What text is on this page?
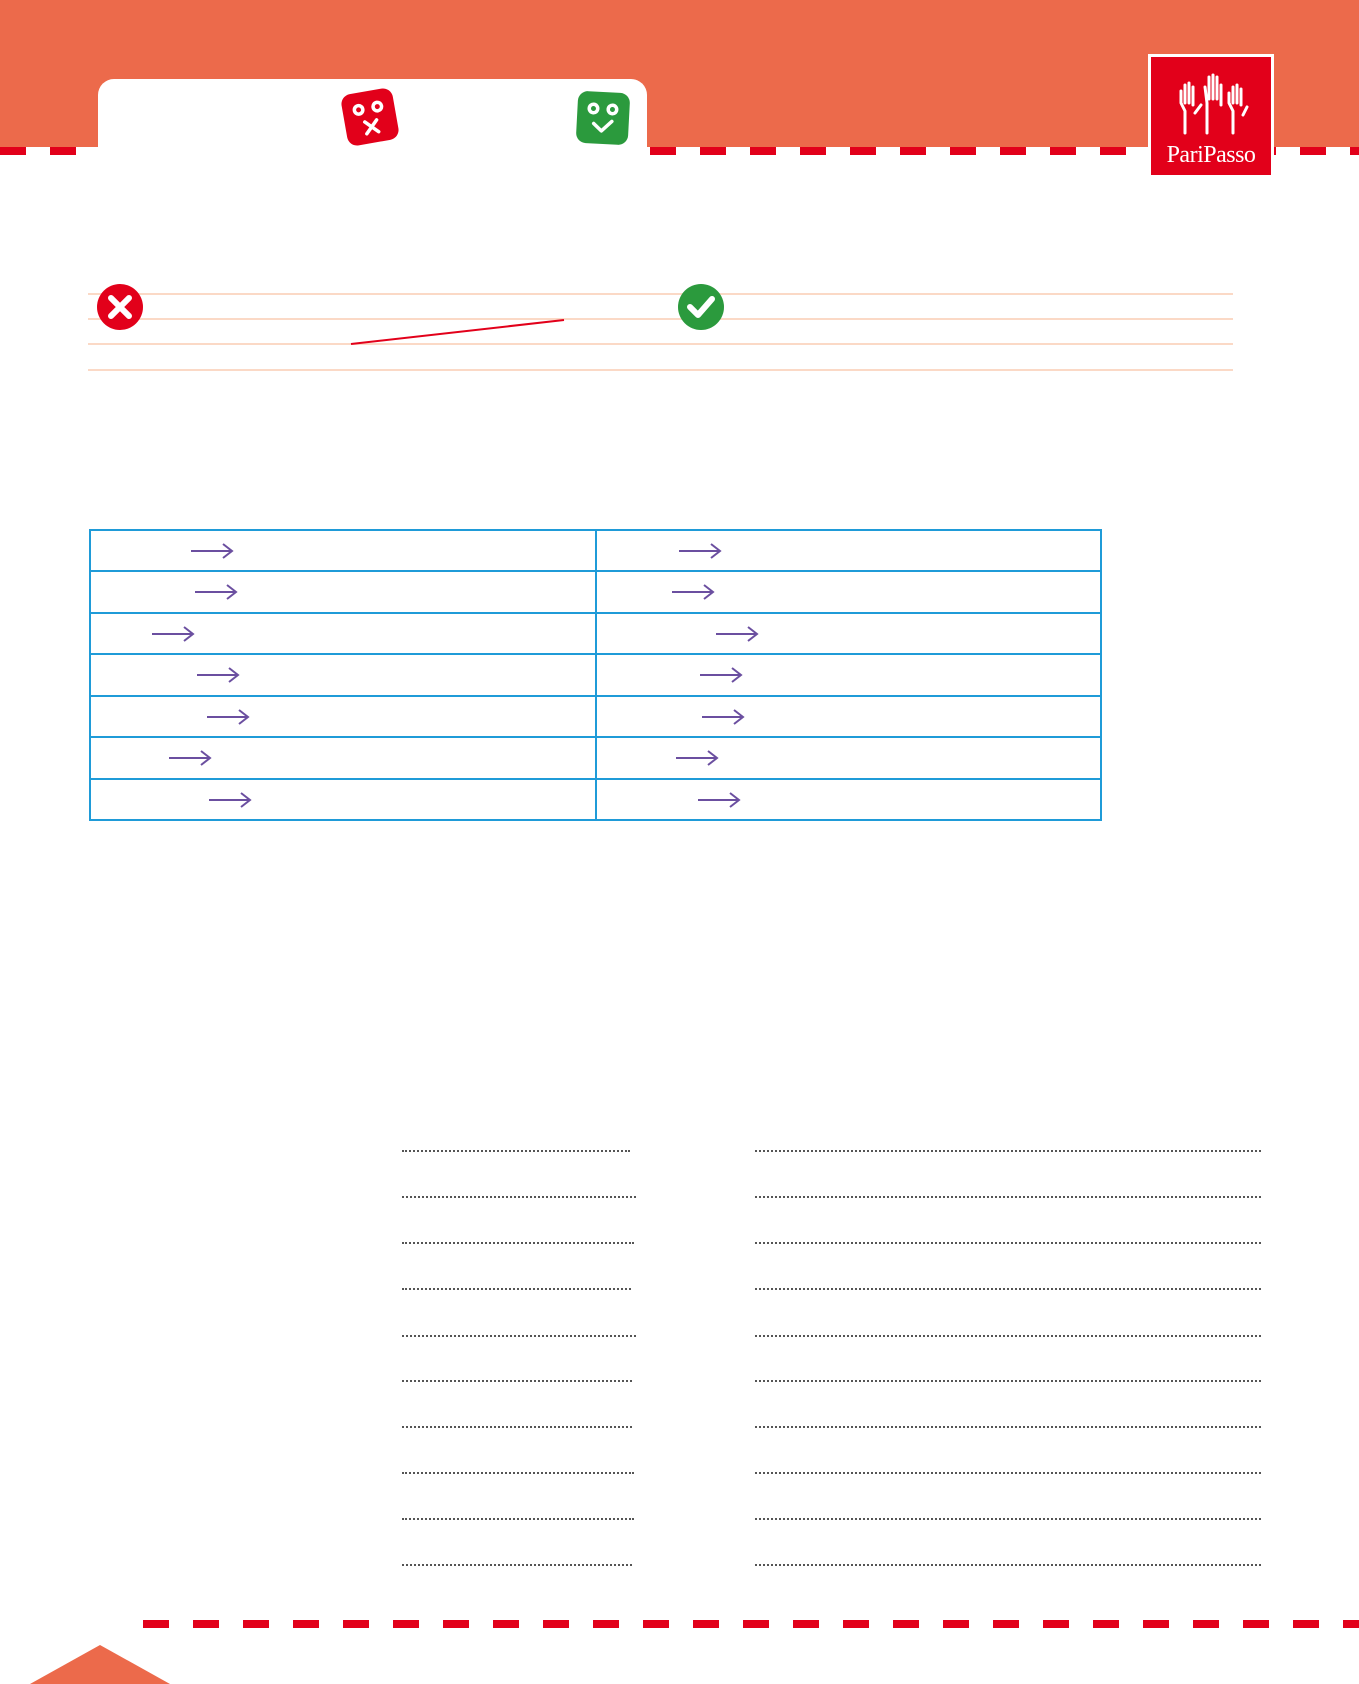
PariPasso
